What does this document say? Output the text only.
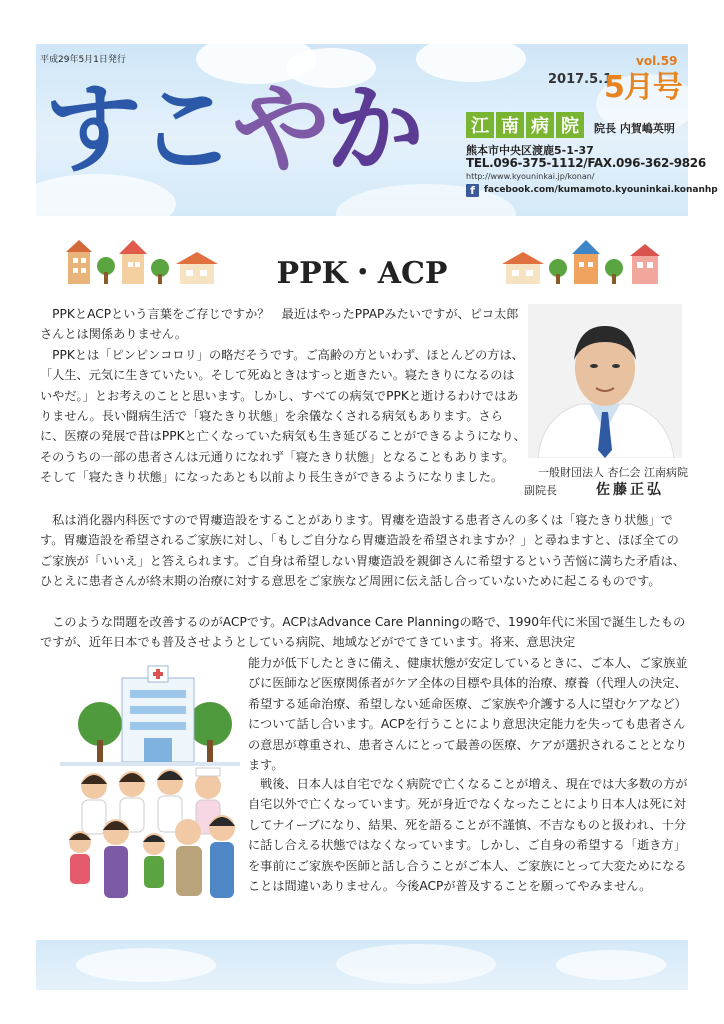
平成29年5月1日発行
すこやか	2017.5.1
vol.59
5月号
江 南 病 院	院長 内賀嶋英明
熊本市中央区渡鹿5-1-37
TEL.096-375-1112/FAX.096-362-9826
http://www.kyouninkai.jp/konan/
f	facebook.com/kumamoto.kyouninkai.konanhp
PPK・ACP

　PPKとACPという言葉をご存じですか？　最近はやったPPAPみたいですが、ピコ太郎さんとは関係ありません。
　PPKとは「ピンピンコロリ」の略だそうです。ご高齢の方といわず、ほとんどの方は、「人生、元気に生きていたい。そして死ぬときはすっと逝きたい。寝たきりになるのはいやだ。」とお考えのことと思います。しかし、すべての病気でPPKと逝けるわけではありません。長い闘病生活で「寝たきり状態」を余儀なくされる病気もあります。さらに、医療の発展で昔はPPKと亡くなっていた病気も生き延びることができるようになり、そのうちの一部の患者さんは元通りになれず「寝たきり状態」となることもあります。そして「寝たきり状態」になったあとも以前より長生きができるようになりました。	一般財団法人 杏仁会 江南病院
副院長	佐藤正弘

　私は消化器内科医ですので胃瘻造設をすることがあります。胃瘻を造設する患者さんの多くは「寝たきり状態」です。胃瘻造設を希望されるご家族に対し、「もしご自分なら胃瘻造設を希望されますか？」と尋ねますと、ほぼ全てのご家族が「いいえ」と答えられます。ご自身は希望しない胃瘻造設を親御さんに希望するという苦悩に満ちた矛盾は、ひとえに患者さんが終末期の治療に対する意思をご家族など周囲に伝え話し合っていないために起こるものです。

　このような問題を改善するのがACPです。ACPはAdvance Care Planningの略で、1990年代に米国で誕生したものですが、近年日本でも普及させようとしている病院、地域などがでてきています。将来、意思決定

能力が低下したときに備え、健康状態が安定しているときに、ご本人、ご家族並びに医師など医療関係者がケア全体の目標や具体的治療、療養（代理人の決定、希望する延命治療、希望しない延命医療、ご家族や介護する人に望むケアなど）について話し合います。ACPを行うことにより意思決定能力を失っても患者さんの意思が尊重され、患者さんにとって最善の医療、ケアが選択されることとなります。

　戦後、日本人は自宅でなく病院で亡くなることが増え、現在では大多数の方が自宅以外で亡くなっています。死が身近でなくなったことにより日本人は死に対してナイーブになり、結果、死を語ることが不謹慎、不吉なものと扱われ、十分に話し合える状態ではなくなっています。しかし、ご自身の希望する「逝き方」を事前にご家族や医師と話し合うことがご本人、ご家族にとって大変ためになることは間違いありません。今後ACPが普及することを願ってやみません。
